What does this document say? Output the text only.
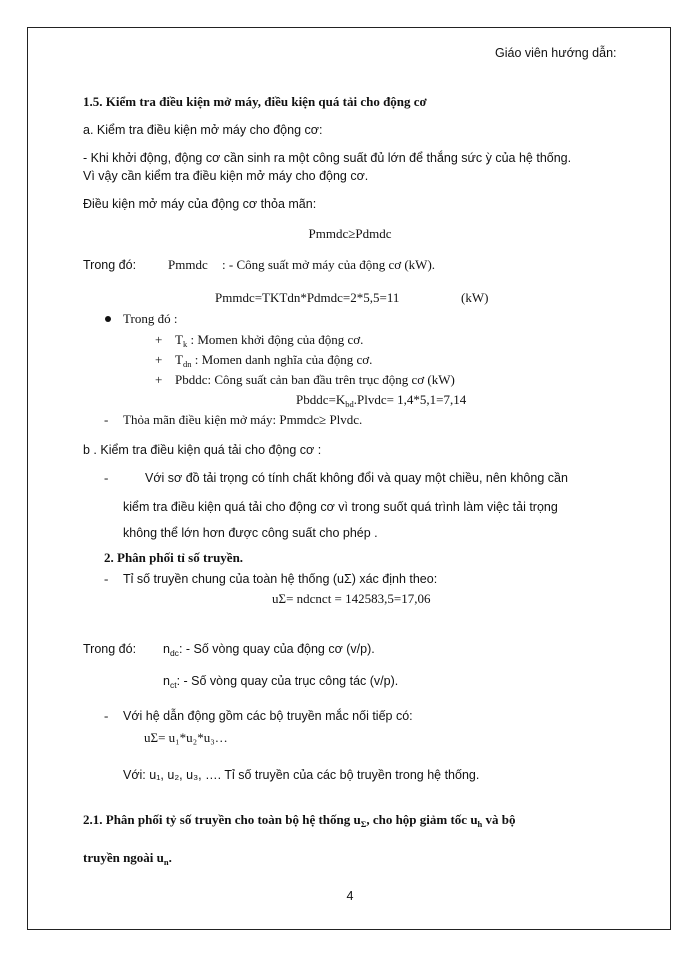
Giáo viên hướng dẫn:
1.5. Kiểm tra điều kiện mở máy, điều kiện quá tải cho động cơ
a. Kiểm tra điều kiện mở máy cho động cơ:
- Khi khởi động, động cơ cần sinh ra một công suất đủ lớn để thắng sức ỳ của hệ thống.
Vì vậy cần kiểm tra điều kiện mở máy cho động cơ.
Điều kiện mở máy của động cơ thỏa mãn:
Pmmdc≥Pdmdc
Trong đó: Pmmdc : - Công suất mở máy của động cơ (kW).
Pmmdc=TKTdn*Pdmdc=2*5,5=11	(kW)
Trong đó :
+ $T_k$ : Momen khởi động của động cơ.
+ $T_{dn}$ : Momen danh nghĩa của động cơ.
+ Pbddc: Công suất cản ban đầu trên trục động cơ (kW)
$Pbddc=K_{bd}.Plvdc= 1,4*5,1=7,14$
- Thỏa mãn điều kiện mở máy: Pmmdc≥ Plvdc.
b . Kiểm tra điều kiện quá tải cho động cơ :
-	Với sơ đồ tải trọng có tính chất không đổi và quay một chiều, nên không cần
kiểm tra điều kiện quá tải cho động cơ vì trong suốt quá trình làm việc tải trọng
không thể lớn hơn được công suất cho phép .
2. Phân phối tỉ số truyền.
- Tỉ số truyền chung của toàn hệ thống (uΣ) xác định theo:
uΣ= ndcnct = 142583,5=17,06
Trong đó: $n_{dc}$: - Số vòng quay của động cơ (v/p).
$n_{ct}$: - Số vòng quay của trục công tác (v/p).
- Với hệ dẫn động gồm các bộ truyền mắc nối tiếp có:
uΣ= u₁*u₂*u₃…
Với: u₁, u₂, u₃, …. Tỉ số truyền của các bộ truyền trong hệ thống.
2.1. Phân phối tỷ số truyền cho toàn bộ hệ thống $u_\Sigma$, cho hộp giảm tốc $u_h$ và bộ
truyền ngoài $u_n$.
4
